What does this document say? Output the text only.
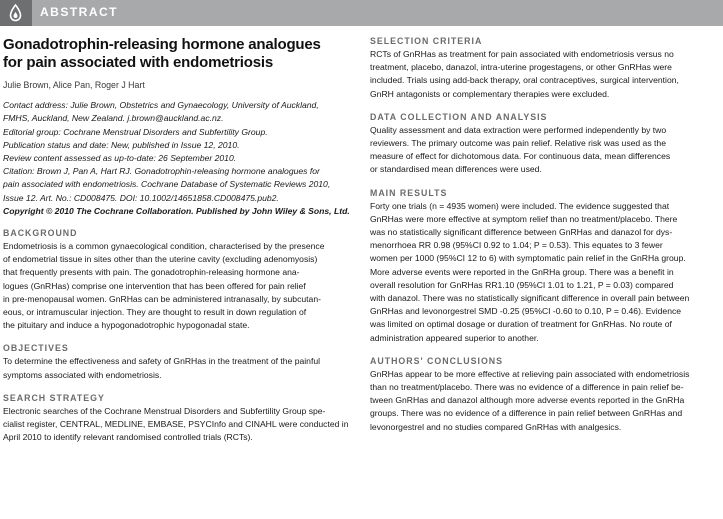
ABSTRACT
Gonadotrophin-releasing hormone analogues
for pain associated with endometriosis
Julie Brown, Alice Pan, Roger J Hart
Contact address: Julie Brown, Obstetrics and Gynaecology, University of Auckland,
FMHS, Auckland, New Zealand. j.brown@auckland.ac.nz.
Editorial group: Cochrane Menstrual Disorders and Subfertility Group.
Publication status and date: New, published in Issue 12, 2010.
Review content assessed as up-to-date: 26 September 2010.
Citation: Brown J, Pan A, Hart RJ. Gonadotrophin-releasing hormone analogues for
pain associated with endometriosis. Cochrane Database of Systematic Reviews 2010,
Issue 12. Art. No.: CD008475. DOI: 10.1002/14651858.CD008475.pub2.
Copyright © 2010 The Cochrane Collaboration. Published by John Wiley & Sons, Ltd.
BACKGROUND
Endometriosis is a common gynaecological condition, characterised by the presence
of endometrial tissue in sites other than the uterine cavity (excluding adenomyosis)
that frequently presents with pain. The gonadotrophin-releasing hormone ana-
logues (GnRHas) comprise one intervention that has been offered for pain relief
in pre-menopausal women. GnRHas can be administered intranasally, by subcutan-
eous, or intramuscular injection. They are thought to result in down regulation of
the pituitary and induce a hypogonadotrophic hypogonadal state.
OBJECTIVES
To determine the effectiveness and safety of GnRHas in the treatment of the painful
symptoms associated with endometriosis.
SEARCH STRATEGY
Electronic searches of the Cochrane Menstrual Disorders and Subfertility Group spe-
cialist register, CENTRAL, MEDLINE, EMBASE, PSYCInfo and CINAHL were conducted in
April 2010 to identify relevant randomised controlled trials (RCTs).
SELECTION CRITERIA
RCTs of GnRHas as treatment for pain associated with endometriosis versus no
treatment, placebo, danazol, intra-uterine progestagens, or other GnRHas were
included. Trials using add-back therapy, oral contraceptives, surgical intervention,
GnRH antagonists or complementary therapies were excluded.
DATA COLLECTION AND ANALYSIS
Quality assessment and data extraction were performed independently by two
reviewers. The primary outcome was pain relief. Relative risk was used as the
measure of effect for dichotomous data. For continuous data, mean differences
or standardised mean differences were used.
MAIN RESULTS
Forty one trials (n = 4935 women) were included. The evidence suggested that
GnRHas were more effective at symptom relief than no treatment/placebo. There
was no statistically significant difference between GnRHas and danazol for dys-
menorrhoea RR 0.98 (95%CI 0.92 to 1.04; P = 0.53). This equates to 3 fewer
women per 1000 (95%CI 12 to 6) with symptomatic pain relief in the GnRHa group.
More adverse events were reported in the GnRHa group. There was a benefit in
overall resolution for GnRHas RR1.10 (95%CI 1.01 to 1.21, P = 0.03) compared
with danazol. There was no statistically significant difference in overall pain between
GnRHas and levonorgestrel SMD -0.25 (95%CI -0.60 to 0.10, P = 0.46). Evidence
was limited on optimal dosage or duration of treatment for GnRHas. No route of
administration appeared superior to another.
AUTHORS' CONCLUSIONS
GnRHas appear to be more effective at relieving pain associated with endometriosis
than no treatment/placebo. There was no evidence of a difference in pain relief be-
tween GnRHas and danazol although more adverse events reported in the GnRHa
groups. There was no evidence of a difference in pain relief between GnRHas and
levonorgestrel and no studies compared GnRHas with analgesics.
